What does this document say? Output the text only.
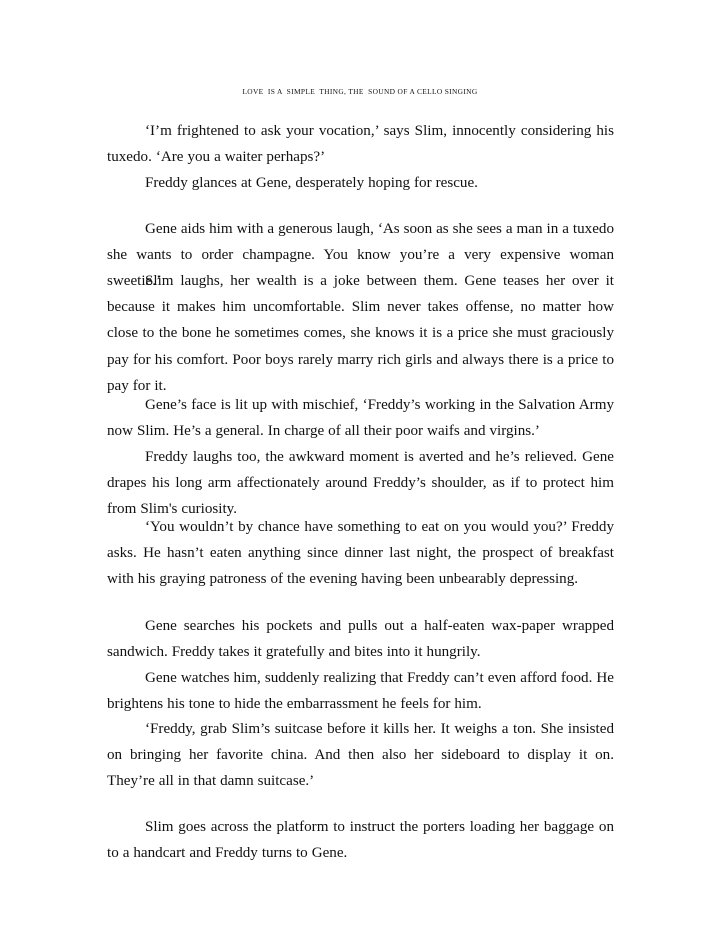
LOVE  IS A  SIMPLE  THING, THE  SOUND OF A CELLO SINGING

‘I’m frightened to ask your vocation,’ says Slim, innocently considering his tuxedo. ‘Are you a waiter perhaps?’

Freddy glances at Gene, desperately hoping for rescue.

Gene aids him with a generous laugh, ‘As soon as she sees a man in a tuxedo she wants to order champagne. You know you’re a very expensive woman sweetie.’

Slim laughs, her wealth is a joke between them. Gene teases her over it because it makes him uncomfortable. Slim never takes offense, no matter how close to the bone he sometimes comes, she knows it is a price she must graciously pay for his comfort. Poor boys rarely marry rich girls and always there is a price to pay for it.

Gene’s face is lit up with mischief, ‘Freddy’s working in the Salvation Army now Slim. He’s a general. In charge of all their poor waifs and virgins.’

Freddy laughs too, the awkward moment is averted and he’s relieved. Gene drapes his long arm affectionately around Freddy’s shoulder, as if to protect him from Slim's curiosity.

‘You wouldn’t by chance have something to eat on you would you?’ Freddy asks. He hasn’t eaten anything since dinner last night, the prospect of breakfast with his graying patroness of the evening having been unbearably depressing.

Gene searches his pockets and pulls out a half-eaten wax-paper wrapped sandwich. Freddy takes it gratefully and bites into it hungrily.

Gene watches him, suddenly realizing that Freddy can’t even afford food. He brightens his tone to hide the embarrassment he feels for him.

‘Freddy, grab Slim’s suitcase before it kills her. It weighs a ton. She insisted on bringing her favorite china. And then also her sideboard to display it on. They’re all in that damn suitcase.’

Slim goes across the platform to instruct the porters loading her baggage on to a handcart and Freddy turns to Gene.
